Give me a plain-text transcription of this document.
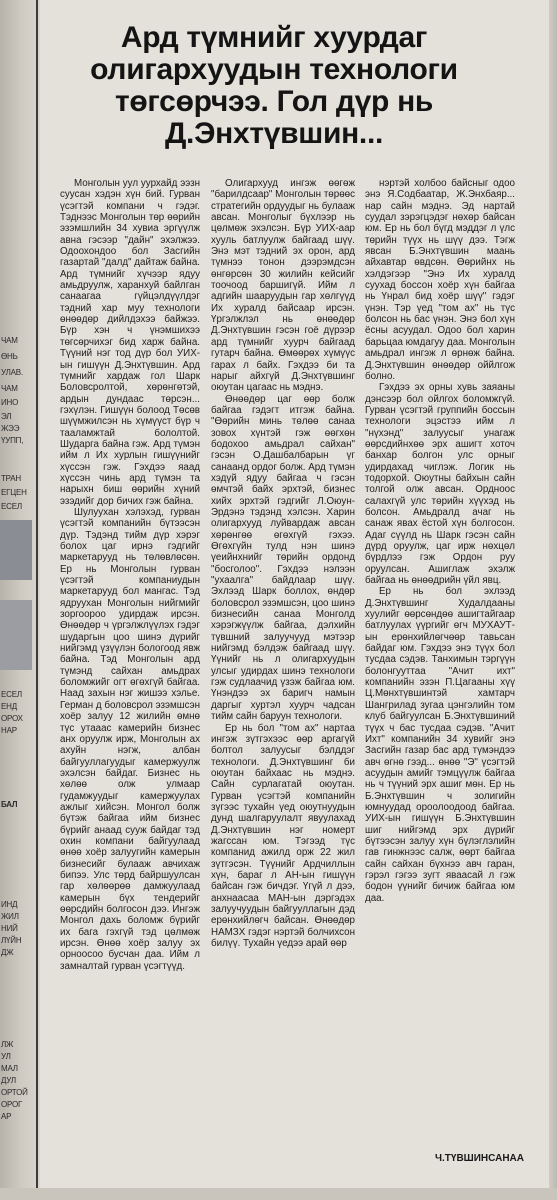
ЧАМ
ӨНЬ
УЛАВ.
ЧАМ
ИНО
ЭЛ
ЖЭЭ
ҮУПП,
ТРАН
ЕГЦЕН
ЕСЕЛ
ЕСЕЛ
ЕНД
ОРОХ
НАР
БАЛ
ИНД
ЖИЛ
НИЙ
ЛҮЙН
ДЖ
ЛЖ
УЛ
МАЛ
ДУЛ
ОРТОЙ
ОРОГ
АР
Ард түмнийг хуурдаг олигархуудын технологи төгсөрчээ. Гол дүр нь Д.Энхтүвшин...

Монголын уул уурхайд ээзн суусан хэдэн хүн бий. Гурван үсэгтэй компани ч гэдэг. Тэднээс Монголын төр өөрийн эзэмшлийн 34 хувиа эргүүлж авна гэсээр "дайн" эхэлжээ. Одоохондоо бол Засгийн газартай "далд" дайтаж байна. Ард түмнийг хүчээр ядуу амьдруулж, харанхуй байлган санаагаа гүйцэлдүүлдэг тэдний хар муу технологи өнөөдөр дийлдэхээ байжээ. Бүр хэн ч үнэмшихээ төгсөрчихэг бид харж байна. Түүний нэг тод дүр бол УИХ-ын гишүүн Д.Энхтүвшин. Ард түмнийг хардаж гол Шарк Боловсролтой, хөрөнгөтэй, ардын дундаас төрсэн... гэхүлэн. Гишүүн болоод Төсөв шүүмжилсэн нь хүмүүст бүр ч тааламжтай бололтой. Шударга байна гэж. Ард түмэн ийм л Их хурлын гишүүнийг хүссэн гэж. Гэхдээ яаад хүссэн чинь ард түмэн та нарыхн биш өөрийн хүний эзэдийг дор бичих гэж байна.

Шулуухан хэлэхэд, гурван үсэгтэй компанийн бүтээсэн дүр. Тэдэнд тийм дүр хэрэг болох цаг ирнэ гэдгийг маркетарууд нь төлөвлөсөн. Ер нь Монголын гурван үсэгтэй компаниудын маркетарууд бол мангас. Тэд ядруухан Монголын нийгмийг зоргоороо удирдаж ирсэн. Өнөөдөр ч үргэлжлүүлэх гэдэг шударгын цоо шинэ дүрийг нийгэмд үзүүлэн бологоод явж байна. Тэд Монголын ард түмэнд сайхан амьдрах боломжийг огт өгөхгүй байгаа. Наад захын нэг жишээ хэлье. Герман д боловсрол эзэмшсэн хоёр залуу 12 жилийн өмнө түс утааас камерийн бизнес анх оруулж ирж, Монголын ах ахуйн нэгж, албан байгууллагуудыг камержуулж эхэлсэн байдаг. Бизнес нь хөлөө олж улмаар гудамжуудыг камержуулах ажлыг хийсэн. Монгол болж бүтэж байгаа ийм бизнес бүрийг анаад сууж байдаг тэд охин компани байгуулаад өнөө хоёр залуугийн камерын бизнесийг булааж авчихаж бипээ. Улс төрд байршуулсан гар хөлөөрөө дамжуулаад камерын бүх тендерийг өөрсдийн болгосон дээ. Ингэж Монгол дахь боломж бүрийг их бага гэхгүй тэд цөлмөж ирсэн. Өнөө хоёр залуу эх орноосоо бусчан даа. Ийм л замналтай гурван үсэгтүүд.

Олигархууд ингэж өөгөж "барилдсаар" Монголын төрөөс стратегийн ордуудыг нь булааж авсан. Монголыг бүхлээр нь цөлмөж эхэлсэн. Бүр УИХ-аар хууль батлуулж байгаад шүү. Энэ мэт тэдний эх орон, ард түмнээ тонон дээрэмдсэн өнгөрсөн 30 жилийн кейсийг тоочоод баршигүй. Ийм л адгийн шааруудын гар хөлгүүд Их хуралд байсаар ирсэн. Үргэлжлэл нь өнөөдөр Д.Энхтүвшин гэсэн гоё дүрээр ард түмнийг хуурч байгаад гутарч байна. Өмөөрөх хүмүүс гарах л байх. Гэхдээ би та нарыг айхгүй Д.Энхтүвшинг оюутан цагаас нь мэднэ.

Өнөөдөр цаг өөр болж байгаа гэдэгт итгэж байна. "Өөрийн минь төлөө санаа зовох хүнтэй гэж өөгхөн бодохоо амьдрал сайхан" гэсэн О.Дашбалбарын үг санаанд ордог болж. Ард түмэн хэдүй ядуу байгаа ч гэсэн өмчтэй байх эрхтэй, бизнес хийх эрхтэй гэдгийг Л.Оюун-Эрдэнэ тэдэнд хэлсэн. Харин олигархууд луйвардаж авсан хөрөнгөө өгөхгүй гэхээ. Өгөхгүйн тулд нэн шинэ үеийнхнийг төрийн ордонд "босголоо". Гэхдээ нэлээн "ухаалга" байдлаар шүү. Эхлээд Шарк боллох, өндөр боловсрол эзэмшсэн, цоо шинэ бизнесийн санаа Монголд хэрэгжүүлж байгаа, дэлхийн түвшний залуучууд мэтээр нийгэмд бэлдэж байгаад шүү. Үүнийг нь л олигархуудын улсыг удирдах шинэ технологи гэж судлаачид үзэж байгаа юм. Үнэндээ эх баригч намын даргыг хуртэл хуурч чадсан тийм сайн баруун технологи.

Ер нь бол "том ах" нартаа ингэж зүтгэхээс өөр аргагүй болтол залуусыг бэлддэг технологи. Д.Энхтүвшинг би оюутан байхаас нь мэднэ. Сайн сурлагатай оюутан. Гурван үсэгтэй компанийн зүгээс тухайн үед оюутнуудын дунд шалгаруулалт явуулахад Д.Энхтүвшин нэг номерт жагссан юм. Тэгээд түс компанид ажилд орж 22 жил зүтгэсэн. Түүнийг Ардчиллын хүн, бараг л АН-ын гишүүн байсан гэж бичдэг. Үгүй л дээ, анхнаасаа МАН-ын дэргэдэх залуучуудын байгууллагын дэд ерөнхийлөгч байсан. Өнөөдөр НАМЗХ гэдэг нэртэй болчихсон билүү. Тухайн үедээ арай өөр

нэртэй холбоо байсныг одоо энэ Я.Содбаатар, Ж.Энхбаяр... нар сайн мэднэ. Эд нартай суудал зэрэгцэдэг нөхөр байсан юм. Ер нь бол бүгд мэддэг л үлс төрийн түүх нь шүү дээ. Тэгж явсан Б.Энхтүвшин маань айхавтар өвдсөн. Өөрийнх нь хэлдэгээр "Энэ Их хуралд суухад боссон хоёр хүн байгаа нь Үнрал бид хоёр шүү" гэдэг үнэн. Тэр үед "том ах" нь түс болсон нь бас үнэн. Энэ бол хүн ёсны асуудал. Одоо бол харин барьцаа юмдагуу даа. Монголын амьдрал ингэж л өрнөж байна. Д.Энхтүвшин өнөөдөр оййлгож болно.

Гэхдээ эх орны хувь заяаны дэнсээр бол ойлгох боломжгүй. Гурван үсэгтэй группийн боссын технологи эцэстээ ийм л "нүхэнд" залуусыг унагаж өөрсдийнхөө эрх ашигт хоточ банхар болгон улс орныг удирдахад чиглэж. Логик нь тодорхой. Оюутны байхын сайн толгой олж авсан. Ордноос салахгүй улс төрийн хүүхэд нь болсон. Амьдралд ачаг нь санаж явах ёстой хүн болгосон. Адаг сүүлд нь Шарк гэсэн сайн дүрд оруулж, цаг ирж нөхцөл бүрдлээ гэж Ордон руу оруулсан. Ашиглаж эхэлж байгаа нь өнөөдрийн үйл явц.

Ер нь бол эхлээд Д.Энхтүвшинг Худалдааны хуулийг өөрсөндөө ашигтайгаар батлуулах үүргийг өгч МУХАУТ-ын ерөнхийлөгчөөр тавьсан байдаг юм. Гэхдээ энэ түүх бол тусдаа сэдэв. Танхимын тэргүүн болонгууттаа "Ачит ихт" компанийн эзэн П.Цагааны хүү Ц.Мөнхтүвшинтэй хамтарч Шангрилад зугаа цэнгэлийн том клуб байгуулсан Б.Энхтүвшиний түүх ч бас тусдаа сэдэв. "Ачит Ихт" компанийн 34 хувийг энэ Засгийн газар бас ард түмэндээ авч өгнө гээд... өнөө "Э" үсэгтэй асуудын амийг тэмцүүлж байгаа нь ч түүний эрх ашиг мөн. Ер нь Б.Энхтүвшин ч золигийн юмнуудад ороолоодоод байгаа. УИХ-ын гишүүн Б.Энхтүвшин шиг нийгэмд эрх дүрийг бүтээсэн залуу хүн бүлэглэлийн гав гинжнээс салж, өөрт байгаа сайн сайхан бүхнээ авч гаран, гэрэл гэгээ зугт яваасай л гэж бодон үүнийг бичиж байгаа юм даа.

Ч.ТҮВШИНСАНАА
